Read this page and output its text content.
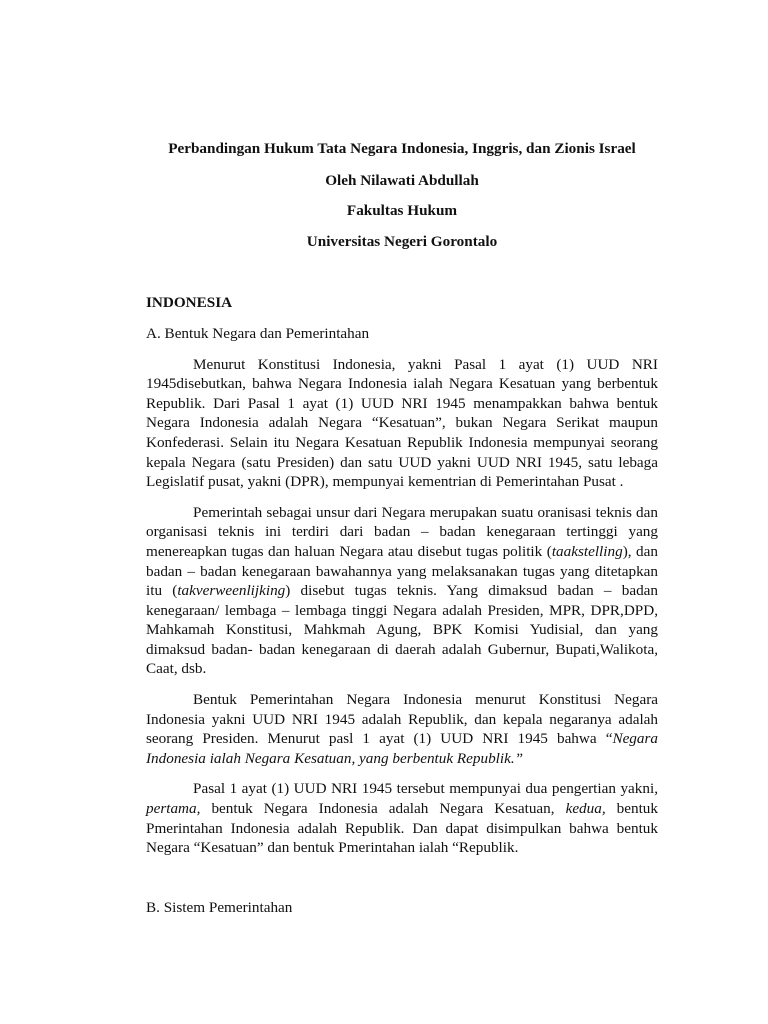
Perbandingan Hukum Tata Negara Indonesia, Inggris, dan Zionis Israel

Oleh Nilawati Abdullah

Fakultas Hukum

Universitas Negeri Gorontalo

INDONESIA

A. Bentuk Negara dan Pemerintahan

Menurut Konstitusi Indonesia, yakni Pasal 1 ayat (1) UUD NRI 1945disebutkan, bahwa Negara Indonesia ialah Negara Kesatuan yang berbentuk Republik. Dari Pasal 1 ayat (1) UUD NRI 1945 menampakkan bahwa bentuk Negara Indonesia adalah Negara “Kesatuan”, bukan Negara Serikat maupun Konfederasi. Selain itu Negara Kesatuan Republik Indonesia mempunyai seorang kepala Negara (satu Presiden) dan satu UUD yakni UUD NRI 1945, satu lebaga Legislatif pusat, yakni (DPR), mempunyai kementrian di Pemerintahan Pusat .

Pemerintah sebagai unsur dari Negara merupakan suatu oranisasi teknis dan organisasi teknis ini terdiri dari badan – badan kenegaraan tertinggi yang menereapkan tugas dan haluan Negara atau disebut tugas politik (taakstelling), dan badan – badan kenegaraan bawahannya yang melaksanakan tugas yang ditetapkan itu (takverweenlijking) disebut tugas teknis. Yang dimaksud badan – badan kenegaraan/ lembaga – lembaga tinggi Negara adalah Presiden, MPR, DPR,DPD, Mahkamah Konstitusi, Mahkmah Agung, BPK Komisi Yudisial, dan yang dimaksud badan- badan kenegaraan di daerah adalah Gubernur, Bupati,Walikota, Caat, dsb.

Bentuk Pemerintahan Negara Indonesia menurut Konstitusi Negara Indonesia yakni UUD NRI 1945 adalah Republik, dan kepala negaranya adalah seorang Presiden. Menurut pasl 1 ayat (1) UUD NRI 1945 bahwa “Negara Indonesia ialah Negara Kesatuan, yang berbentuk Republik.”

Pasal 1 ayat (1) UUD NRI 1945 tersebut mempunyai dua pengertian yakni, pertama, bentuk Negara Indonesia adalah Negara Kesatuan, kedua, bentuk Pmerintahan Indonesia adalah Republik. Dan dapat disimpulkan bahwa bentuk Negara “Kesatuan” dan bentuk Pmerintahan ialah “Republik.

B. Sistem Pemerintahan
